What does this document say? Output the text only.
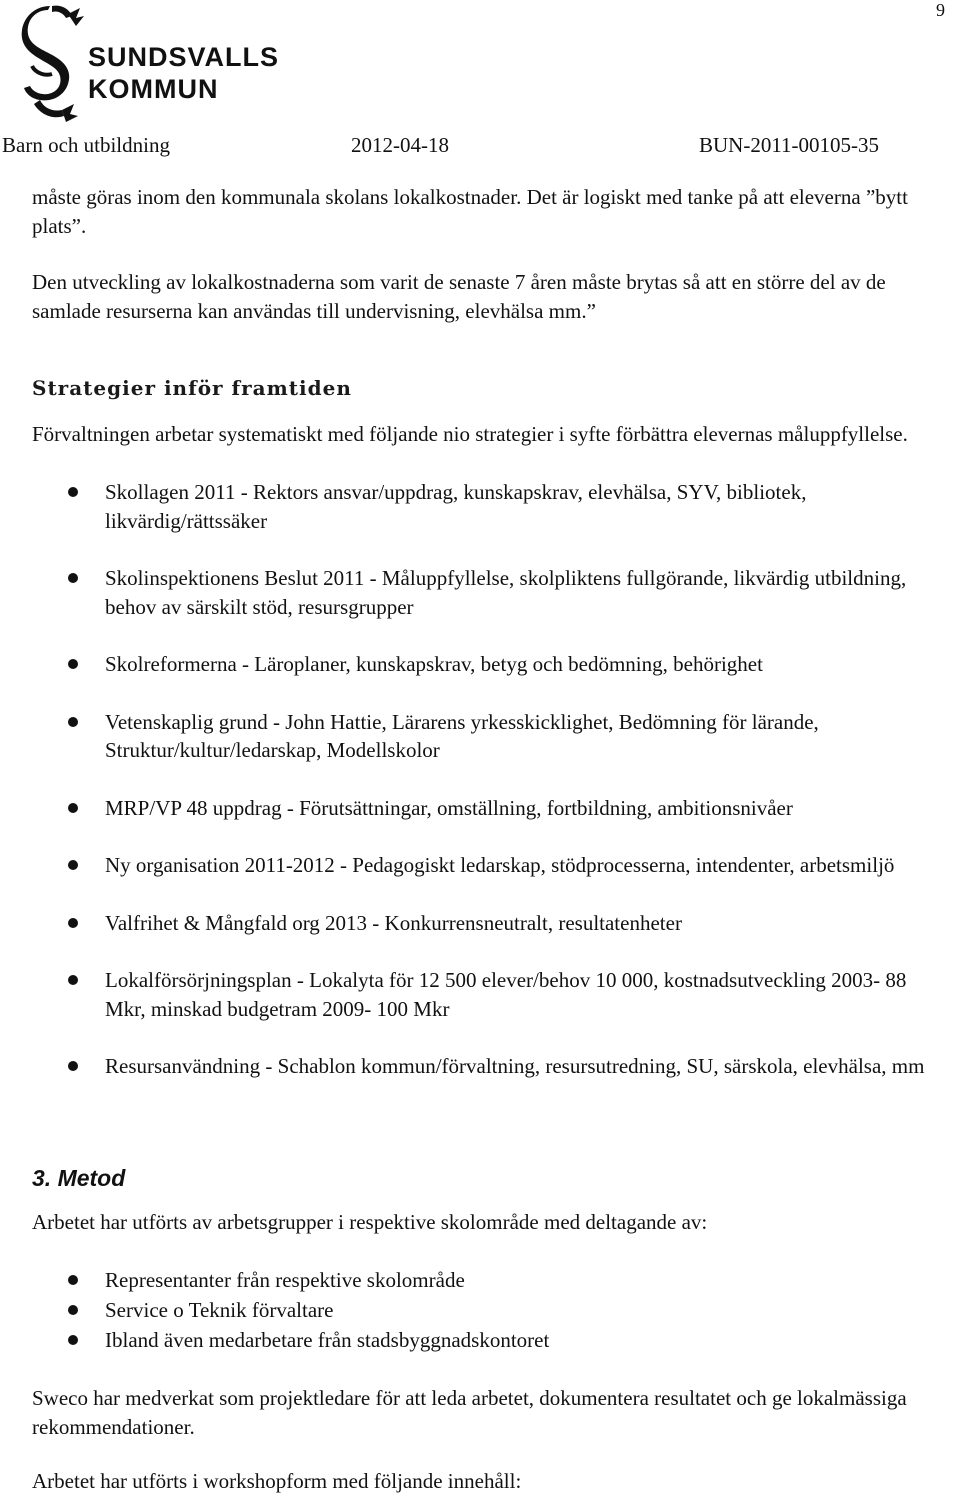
9
SUNDSVALLS
KOMMUN
Barn och utbildning	2012-04-18	BUN-2011-00105-35

måste göras inom den kommunala skolans lokalkostnader. Det är logiskt med tanke på att eleverna ”bytt plats”.

Den utveckling av lokalkostnaderna som varit de senaste 7 åren måste brytas så att en större del av de samlade resurserna kan användas till undervisning, elevhälsa mm.”

Strategier inför framtiden

Förvaltningen arbetar systematiskt med följande nio strategier i syfte förbättra elevernas måluppfyllelse.

Skollagen 2011 - Rektors ansvar/uppdrag, kunskapskrav, elevhälsa, SYV, bibliotek, likvärdig/rättssäker
Skolinspektionens Beslut 2011 - Måluppfyllelse, skolpliktens fullgörande, likvärdig utbildning, behov av särskilt stöd, resursgrupper
Skolreformerna - Läroplaner, kunskapskrav, betyg och bedömning, behörighet
Vetenskaplig grund - John Hattie, Lärarens yrkesskicklighet, Bedömning för lärande, Struktur/kultur/ledarskap, Modellskolor
MRP/VP 48 uppdrag - Förutsättningar, omställning, fortbildning, ambitionsnivåer
Ny organisation 2011-2012 - Pedagogiskt ledarskap, stödprocesserna, intendenter, arbetsmiljö
Valfrihet & Mångfald org 2013 - Konkurrensneutralt, resultatenheter
Lokalförsörjningsplan - Lokalyta för 12 500 elever/behov 10 000, kostnadsutveckling 2003- 88 Mkr, minskad budgetram 2009- 100 Mkr
Resursanvändning - Schablon kommun/förvaltning, resursutredning, SU, särskola, elevhälsa, mm
3. Metod

Arbetet har utförts av arbetsgrupper i respektive skolområde med deltagande av:

Representanter från respektive skolområde
Service o Teknik förvaltare
Ibland även medarbetare från stadsbyggnadskontoret

Sweco har medverkat som projektledare för att leda arbetet, dokumentera resultatet och ge lokalmässiga rekommendationer.

Arbetet har utförts i workshopform med följande innehåll:
